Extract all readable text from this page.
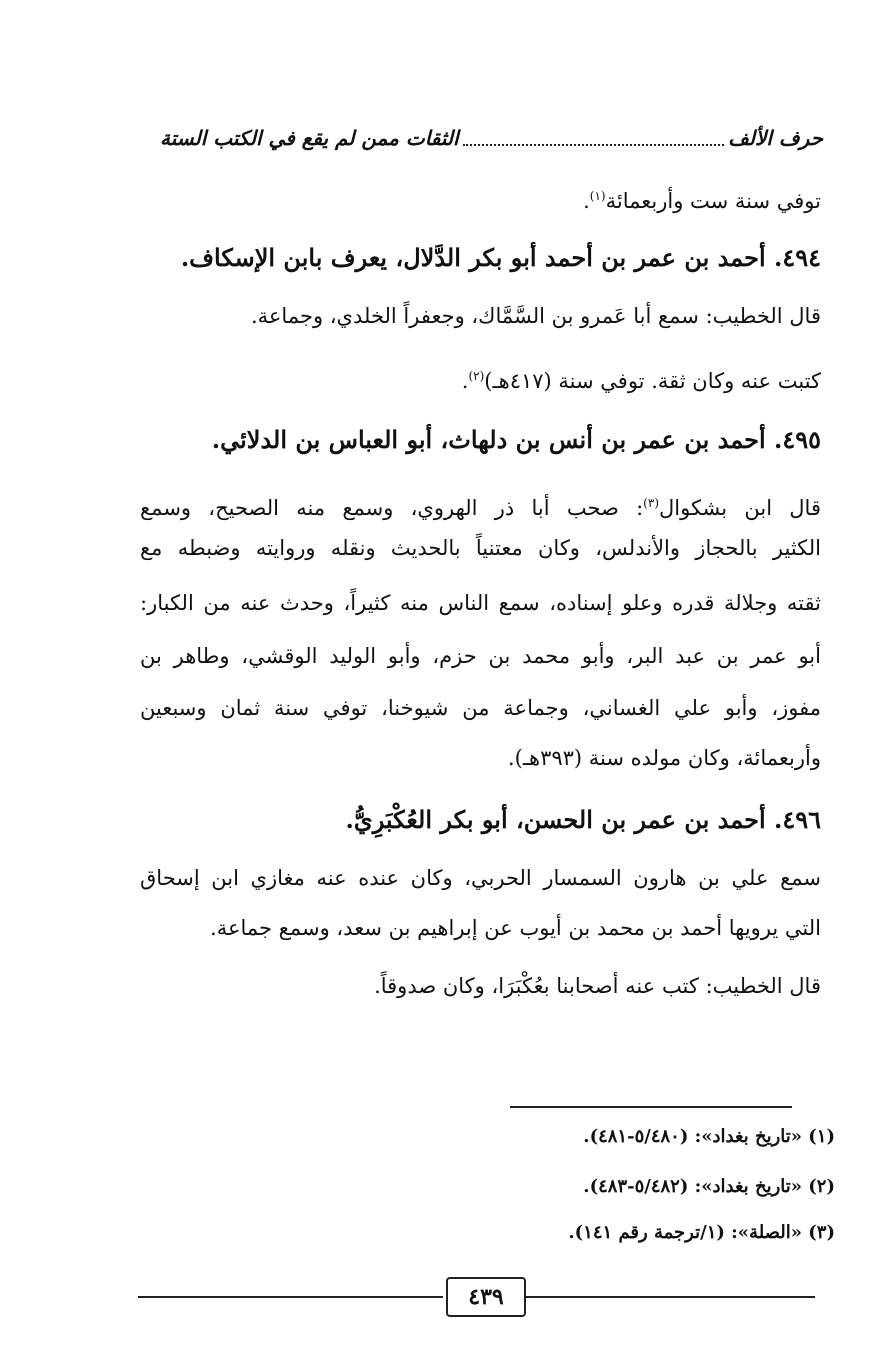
حرف الألف
الثقات ممن لم يقع في الكتب الستة
توفي سنة ست وأربعمائة$^{(١)}$.
٤٩٤. أحمد بن عمر بن أحمد أبو بكر الدَّلال، يعرف بابن الإسكاف.
قال الخطيب: سمع أبا عَمرو بن السَّمَّاك، وجعفراً الخلدي، وجماعة.
كتبت عنه وكان ثقة. توفي سنة (٤١٧هـ)$^{(٢)}$.
٤٩٥. أحمد بن عمر بن أنس بن دلهاث، أبو العباس بن الدلائي.
قال ابن بشكوال$^{(٣)}$: صحب أبا ذر الهروي، وسمع منه الصحيح، وسمع
الكثير بالحجاز والأندلس، وكان معتنياً بالحديث ونقله وروايته وضبطه مع
ثقته وجلالة قدره وعلو إسناده، سمع الناس منه كثيراً، وحدث عنه من الكبار:
أبو عمر بن عبد البر، وأبو محمد بن حزم، وأبو الوليد الوقشي، وطاهر بن
مفوز، وأبو علي الغساني، وجماعة من شيوخنا، توفي سنة ثمان وسبعين
وأربعمائة، وكان مولده سنة (٣٩٣هـ).
٤٩٦. أحمد بن عمر بن الحسن، أبو بكر العُكْبَرِيُّ.
سمع علي بن هارون السمسار الحربي، وكان عنده عنه مغازي ابن إسحاق
التي يرويها أحمد بن محمد بن أيوب عن إبراهيم بن سعد، وسمع جماعة.
قال الخطيب: كتب عنه أصحابنا بعُكْبَرَا، وكان صدوقاً.
(١) «تاريخ بغداد»: (٥/٤٨٠-٤٨١).
(٢) «تاريخ بغداد»: (٥/٤٨٢-٤٨٣).
(٣) «الصلة»: (١/ترجمة رقم ١٤١).
٤٣٩
